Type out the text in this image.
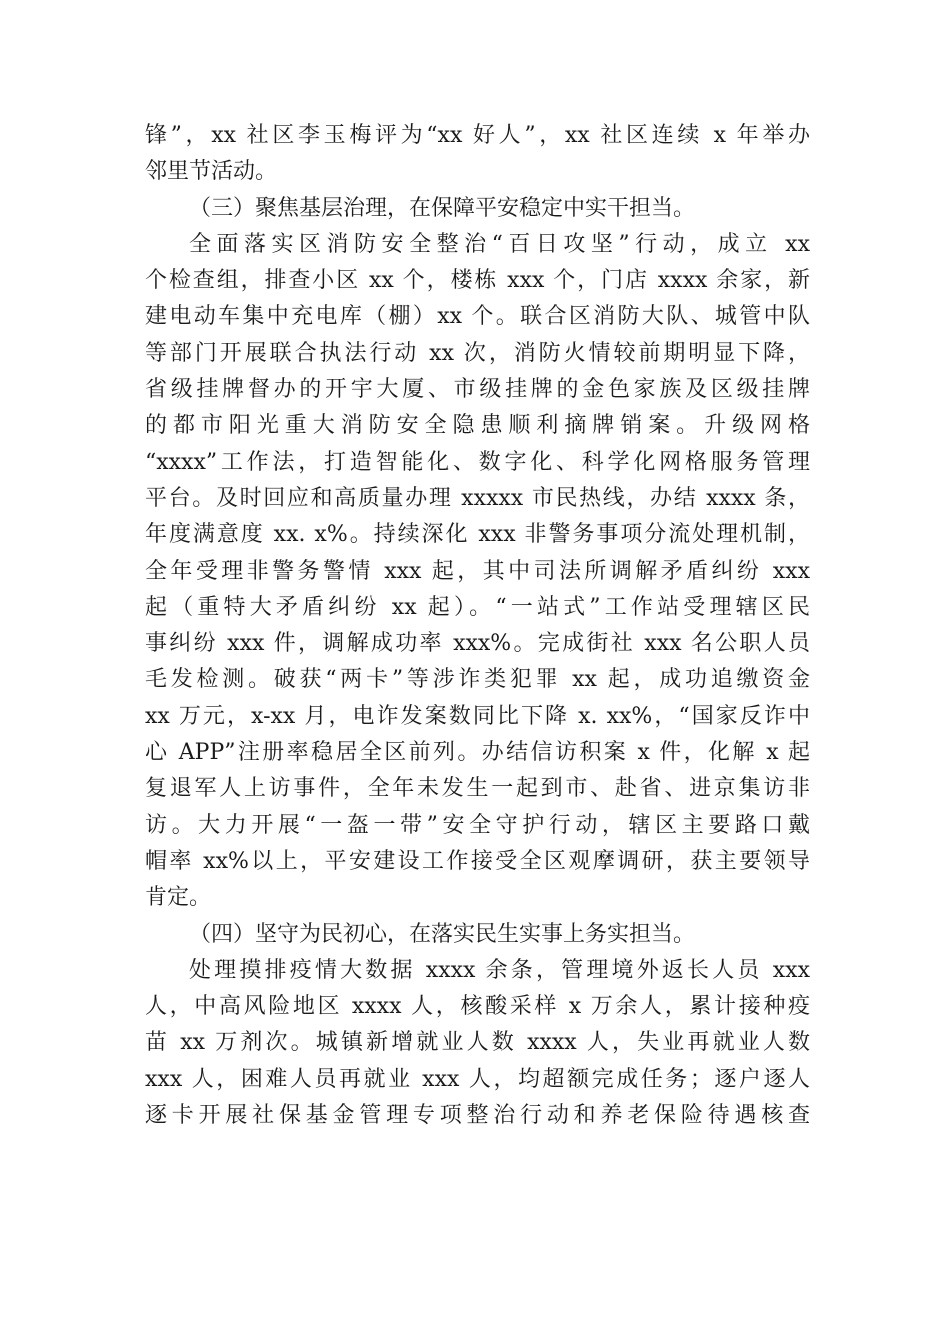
锋”，xx 社区李玉梅评为“xx 好人”，xx 社区连续 x 年举办
邻里节活动。
（三）聚焦基层治理，在保障平安稳定中实干担当。
全面落实区消防安全整治“百日攻坚”行动，成立 xx
个检查组，排查小区 xx 个，楼栋 xxx 个，门店 xxxx 余家，新
建电动车集中充电库（棚）xx 个。联合区消防大队、城管中队
等部门开展联合执法行动 xx 次，消防火情较前期明显下降，
省级挂牌督办的开宇大厦、市级挂牌的金色家族及区级挂牌
的都市阳光重大消防安全隐患顺利摘牌销案。升级网格
“xxxx”工作法，打造智能化、数字化、科学化网格服务管理
平台。及时回应和高质量办理 xxxxx 市民热线，办结 xxxx 条，
年度满意度 xx. x%。持续深化 xxx 非警务事项分流处理机制，
全年受理非警务警情 xxx 起，其中司法所调解矛盾纠纷 xxx
起（重特大矛盾纠纷 xx 起）。“一站式”工作站受理辖区民
事纠纷 xxx 件，调解成功率 xxx%。完成街社 xxx 名公职人员
毛发检测。破获“两卡”等涉诈类犯罪 xx 起，成功追缴资金
xx 万元，x-xx 月，电诈发案数同比下降 x. xx%，“国家反诈中
心 APP”注册率稳居全区前列。办结信访积案 x 件，化解 x 起
复退军人上访事件，全年未发生一起到市、赴省、进京集访非
访。大力开展“一盔一带”安全守护行动，辖区主要路口戴
帽率 xx%以上，平安建设工作接受全区观摩调研，获主要领导
肯定。
（四）坚守为民初心，在落实民生实事上务实担当。
处理摸排疫情大数据 xxxx 余条，管理境外返长人员 xxx
人，中高风险地区 xxxx 人，核酸采样 x 万余人，累计接种疫
苗 xx 万剂次。城镇新增就业人数 xxxx 人，失业再就业人数
xxx 人，困难人员再就业 xxx 人，均超额完成任务；逐户逐人
逐卡开展社保基金管理专项整治行动和养老保险待遇核查
